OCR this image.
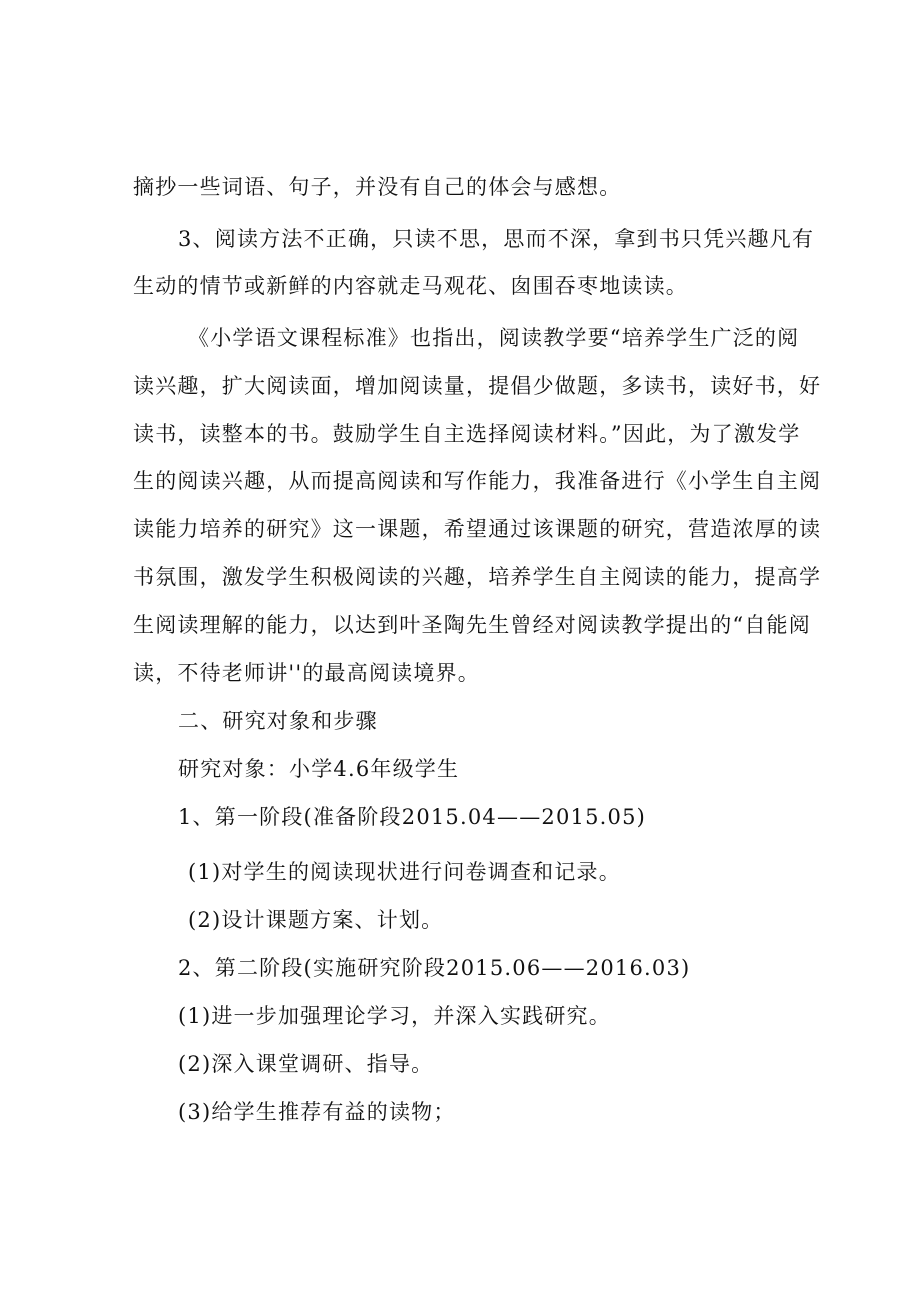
摘抄一些词语、句子，并没有自己的体会与感想。
3、阅读方法不正确，只读不思，思而不深，拿到书只凭兴趣凡有
生动的情节或新鲜的内容就走马观花、囱围吞枣地读读。
《小学语文课程标准》也指出，阅读教学要“培养学生广泛的阅
读兴趣，扩大阅读面，增加阅读量，提倡少做题，多读书，读好书，好
读书，读整本的书。鼓励学生自主选择阅读材料。”因此，为了激发学
生的阅读兴趣，从而提高阅读和写作能力，我准备进行《小学生自主阅
读能力培养的研究》这一课题，希望通过该课题的研究，营造浓厚的读
书氛围，激发学生积极阅读的兴趣，培养学生自主阅读的能力，提高学
生阅读理解的能力，以达到叶圣陶先生曾经对阅读教学提出的“自能阅
读，不待老师讲''的最高阅读境界。
二、研究对象和步骤
研究对象：小学4.6年级学生
1、第一阶段(准备阶段2015.04——2015.05)
(1)对学生的阅读现状进行问卷调查和记录。
(2)设计课题方案、计划。
2、第二阶段(实施研究阶段2015.06——2016.03)
(1)进一步加强理论学习，并深入实践研究。
(2)深入课堂调研、指导。
(3)给学生推荐有益的读物；
